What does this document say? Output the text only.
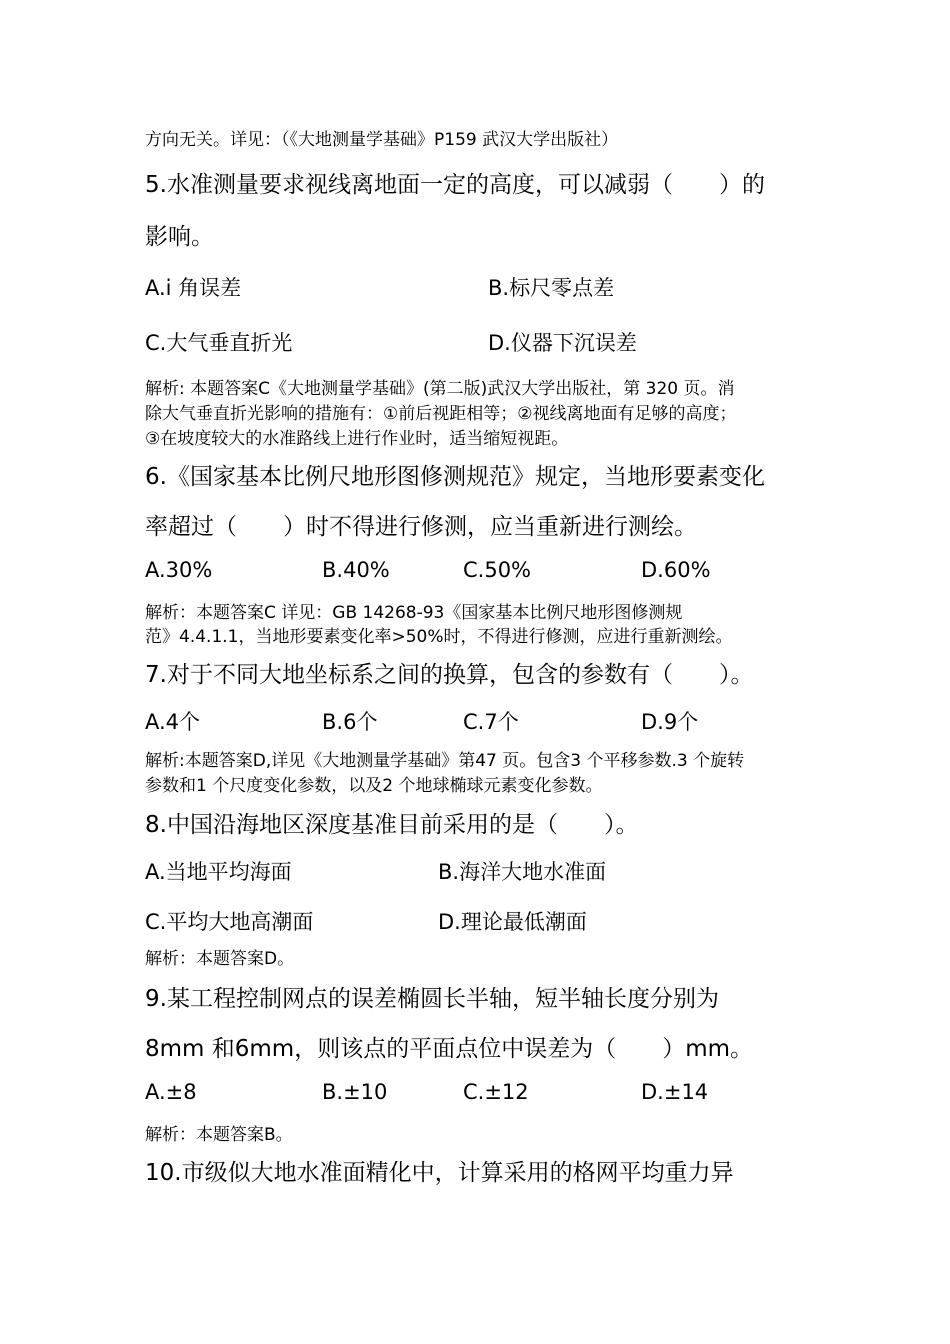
方向无关。详见：（《大地测量学基础》P159 武汉大学出版社）

5.水准测量要求视线离地面一定的高度，可以减弱（　　）的

影响。

A.i 角误差	B.标尺零点差
C.大气垂直折光	D.仪器下沉误差

解析: 本题答案C《大地测量学基础》(第二版)武汉大学出版社，第 320 页。消

除大气垂直折光影响的措施有：①前后视距相等；②视线离地面有足够的高度；

③在坡度较大的水准路线上进行作业时，适当缩短视距。

6.《国家基本比例尺地形图修测规范》规定，当地形要素变化

率超过（　　）时不得进行修测，应当重新进行测绘。

A.30%	B.40%	C.50%	D.60%

解析：本题答案C 详见：GB 14268-93《国家基本比例尺地形图修测规

范》4.4.1.1，当地形要素变化率>50%时，不得进行修测，应进行重新测绘。

7.对于不同大地坐标系之间的换算，包含的参数有（　　）。

A.4个	B.6个	C.7个	D.9个

解析:本题答案D,详见《大地测量学基础》第47 页。包含3 个平移参数.3 个旋转

参数和1 个尺度变化参数，以及2 个地球椭球元素变化参数。

8.中国沿海地区深度基准目前采用的是（　　）。

A.当地平均海面	B.海洋大地水准面
C.平均大地高潮面	D.理论最低潮面

解析：本题答案D。

9.某工程控制网点的误差椭圆长半轴，短半轴长度分别为

8mm 和6mm，则该点的平面点位中误差为（　　）mm。

A.±8	B.±10	C.±12	D.±14

解析：本题答案B。

10.市级似大地水准面精化中，计算采用的格网平均重力异
